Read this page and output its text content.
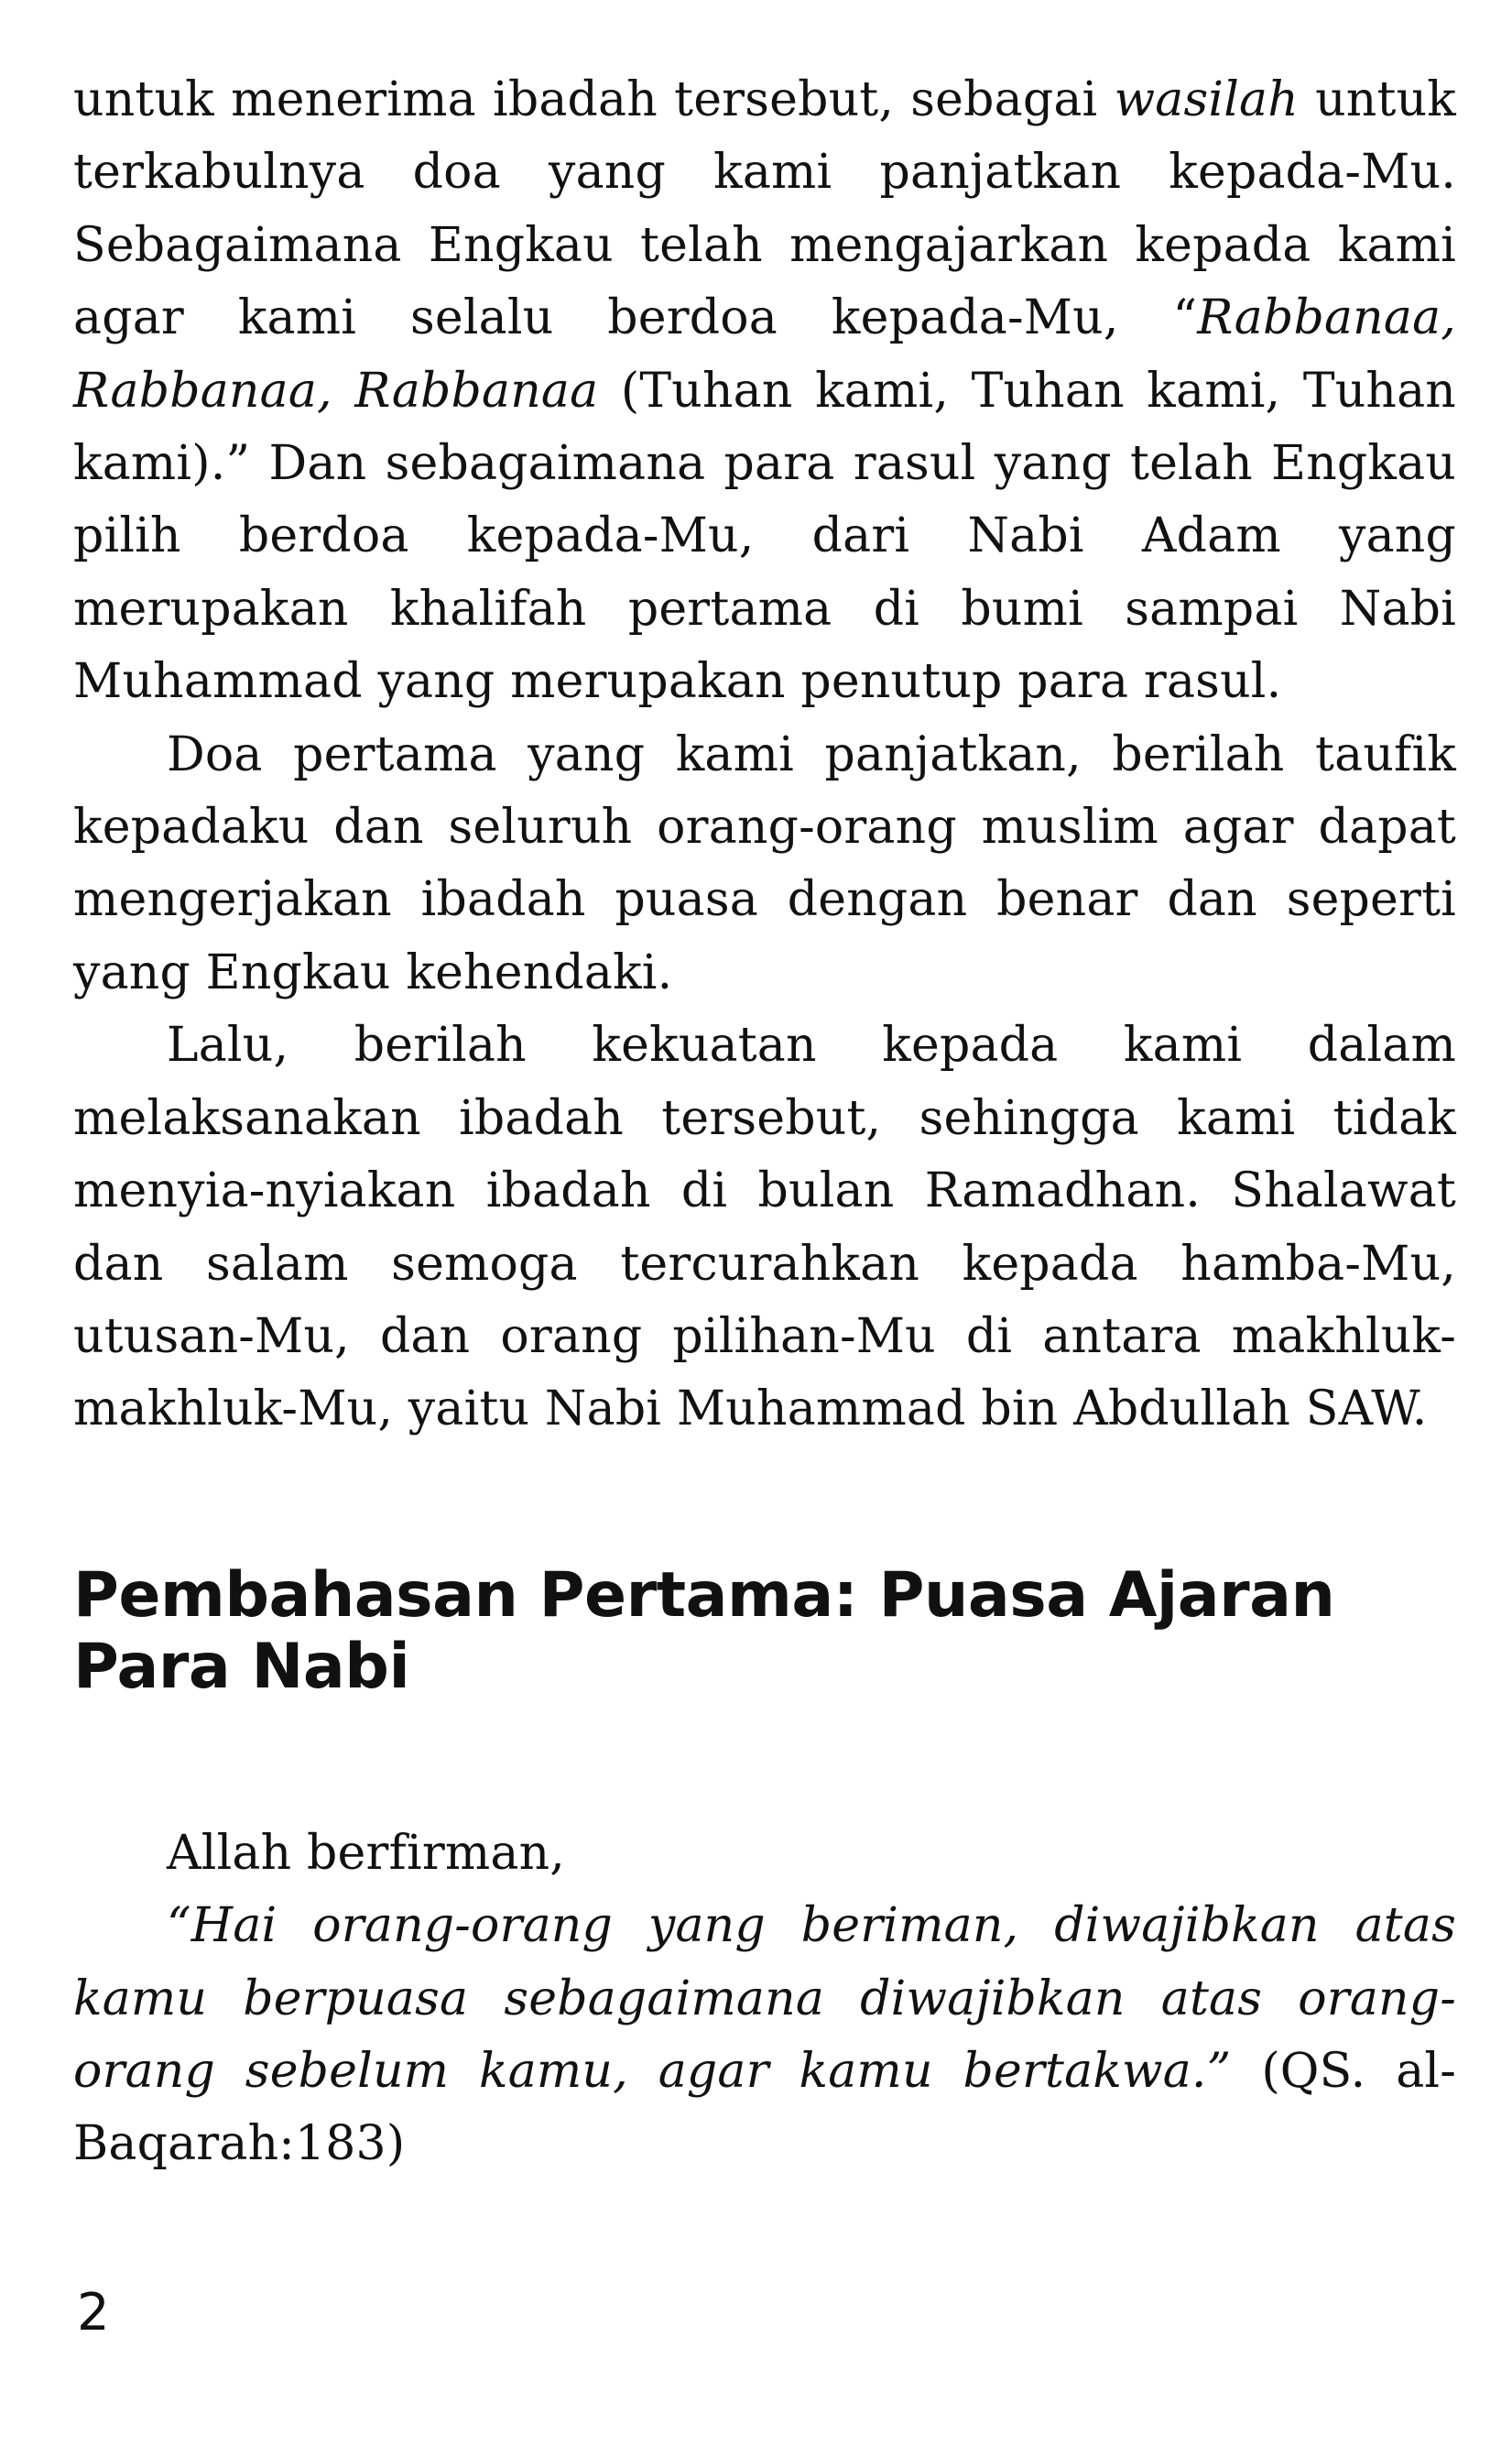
untuk menerima ibadah tersebut, sebagai wasilah untuk terkabulnya doa yang kami panjatkan kepada-Mu. Sebagaimana Engkau telah mengajarkan kepada kami agar kami selalu berdoa kepada-Mu, “Rabbanaa, Rabbanaa, Rabbanaa (Tuhan kami, Tuhan kami, Tuhan kami).” Dan sebagaimana para rasul yang telah Engkau pilih berdoa kepada-Mu, dari Nabi Adam yang merupakan khalifah pertama di bumi sampai Nabi Muhammad yang merupakan penutup para rasul.

Doa pertama yang kami panjatkan, berilah taufik kepadaku dan seluruh orang-orang muslim agar dapat mengerjakan ibadah puasa dengan benar dan seperti yang Engkau kehendaki.

Lalu, berilah kekuatan kepada kami dalam melaksanakan ibadah tersebut, sehingga kami tidak menyia-nyiakan ibadah di bulan Ramadhan. Shalawat dan salam semoga tercurahkan kepada hamba-Mu, utusan-Mu, dan orang pilihan-Mu di antara makhluk-makhluk-Mu, yaitu Nabi Muhammad bin Abdullah SAW.

Pembahasan Pertama: Puasa Ajaran Para Nabi

Allah berfirman,

“Hai orang-orang yang beriman, diwajibkan atas kamu berpuasa sebagaimana diwajibkan atas orang-orang sebelum kamu, agar kamu bertakwa.” (QS. al-Baqarah:183)

2
